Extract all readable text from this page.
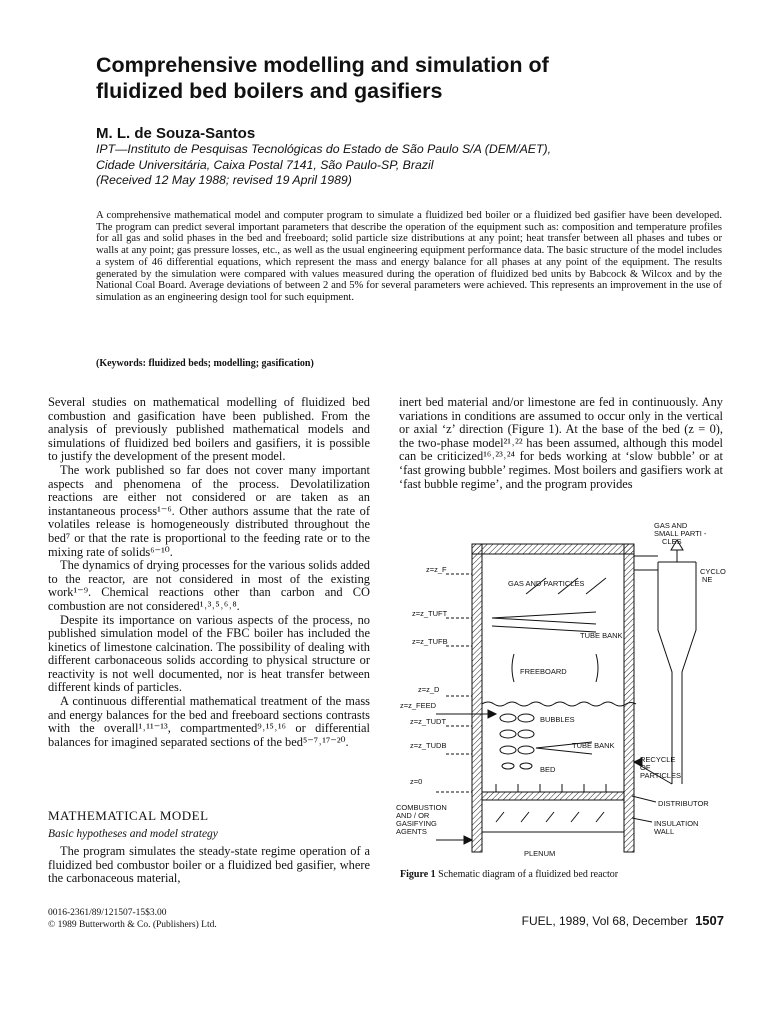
Comprehensive modelling and simulation of
fluidized bed boilers and gasifiers
M. L. de Souza-Santos
IPT—Instituto de Pesquisas Tecnológicas do Estado de São Paulo S/A (DEM/AET),
Cidade Universitária, Caixa Postal 7141, São Paulo-SP, Brazil
(Received 12 May 1988; revised 19 April 1989)

A comprehensive mathematical model and computer program to simulate a fluidized bed boiler or a fluidized bed gasifier have been developed. The program can predict several important parameters that describe the operation of the equipment such as: composition and temperature profiles for all gas and solid phases in the bed and freeboard; solid particle size distributions at any point; heat transfer between all phases and tubes or walls at any point; gas pressure losses, etc., as well as the usual engineering equipment performance data. The basic structure of the model includes a system of 46 differential equations, which represent the mass and energy balance for all phases at any point of the equipment. The results generated by the simulation were compared with values measured during the operation of fluidized bed units by Babcock & Wilcox and by the National Coal Board. Average deviations of between 2 and 5% for several parameters were achieved. This represents an improvement in the use of simulation as an engineering design tool for such equipment.

(Keywords: fluidized beds; modelling; gasification)

Several studies on mathematical modelling of fluidized bed combustion and gasification have been published. From the analysis of previously published mathematical models and simulations of fluidized bed boilers and gasifiers, it is possible to justify the development of the present model.

The work published so far does not cover many important aspects and phenomena of the process. Devolatilization reactions are either not considered or are taken as an instantaneous process¹⁻⁶. Other authors assume that the rate of volatiles release is homogeneously distributed throughout the bed⁷ or that the rate is proportional to the feeding rate or to the mixing rate of solids⁶⁻¹⁰.

The dynamics of drying processes for the various solids added to the reactor, are not considered in most of the existing work¹⁻⁹. Chemical reactions other than carbon and CO combustion are not considered¹˒³˒⁵˒⁶˒⁸.

Despite its importance on various aspects of the process, no published simulation model of the FBC boiler has included the kinetics of limestone calcination. The possibility of dealing with different carbonaceous solids according to physical structure or reactivity is not well documented, nor is heat transfer between different kinds of particles.

A continuous differential mathematical treatment of the mass and energy balances for the bed and freeboard sections contrasts with the overall¹˒¹¹⁻¹³, compartmented⁹˒¹⁵˒¹⁶ or differential balances for imagined separated sections of the bed⁵⁻⁷˒¹⁷⁻²⁰.

MATHEMATICAL MODEL
Basic hypotheses and model strategy

The program simulates the steady-state regime operation of a fluidized bed combustor boiler or a fluidized bed gasifier, where the carbonaceous material,

inert bed material and/or limestone are fed in continuously. Any variations in conditions are assumed to occur only in the vertical or axial ‘z’ direction (Figure 1). At the base of the bed (z = 0), the two-phase model²¹˒²² has been assumed, although this model can be criticized¹⁶˒²³˒²⁴ for beds working at ‘slow bubble’ or at ‘fast growing bubble’ regimes. Most boilers and gasifiers work at ‘fast bubble regime’, and the program provides

GAS AND
SMALL PARTI -
CLES
CYCLO-
NE
GAS AND PARTICLES
TUBE BANK
FREEBOARD
BUBBLES
TUBE BANK
BED
RECYCLE
OF
PARTICLES
DISTRIBUTOR
INSULATION
WALL
PLENUM
COMBUSTION
AND / OR
GASIFYING
AGENTS
z=z_F
z=z_TUFT
z=z_TUFB
z=z_D
z=z_FEED
z=z_TUDT
z=z_TUDB
z=0
Figure 1 Schematic diagram of a fluidized bed reactor
0016-2361/89/121507-15$3.00
© 1989 Butterworth & Co. (Publishers) Ltd.	FUEL, 1989, Vol 68, December 1507
